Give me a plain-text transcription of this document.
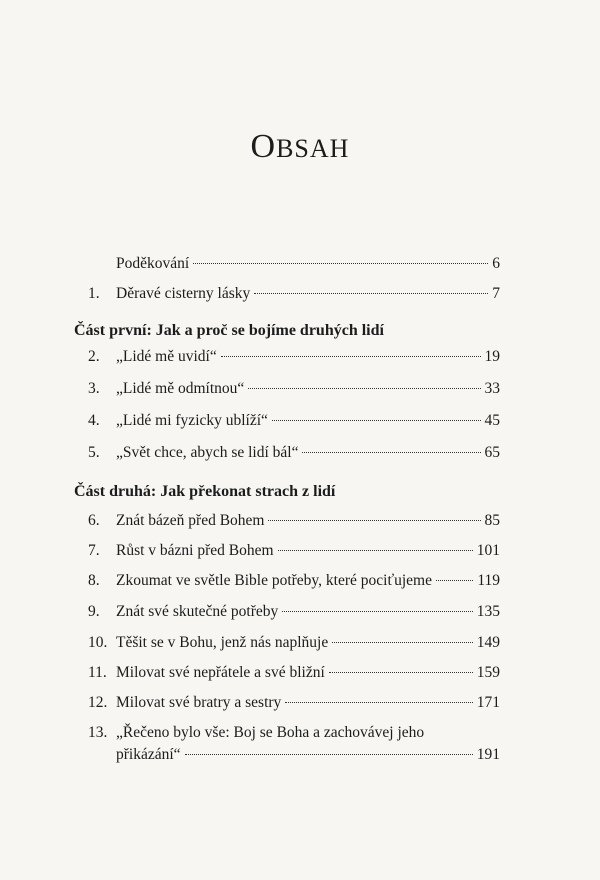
OBSAH
Poděkování	6
1.	Děravé cisterny lásky	7
Část první: Jak a proč se bojíme druhých lidí
2.	„Lidé mě uvidí“	19
3.	„Lidé mě odmítnou“	33
4.	„Lidé mi fyzicky ublíží“	45
5.	„Svět chce, abych se lidí bál“	65
Část druhá: Jak překonat strach z lidí
6.	Znát bázeň před Bohem	85
7.	Růst v bázni před Bohem	101
8.	Zkoumat ve světle Bible potřeby, které pociťujeme	119
9.	Znát své skutečné potřeby	135
10. Těšit se v Bohu, jenž nás naplňuje	149
11. Milovat své nepřátele a své bližní	159
12. Milovat své bratry a sestry	171
13. „Řečeno bylo vše: Boj se Boha a zachovávej jeho
přikázání“	191
